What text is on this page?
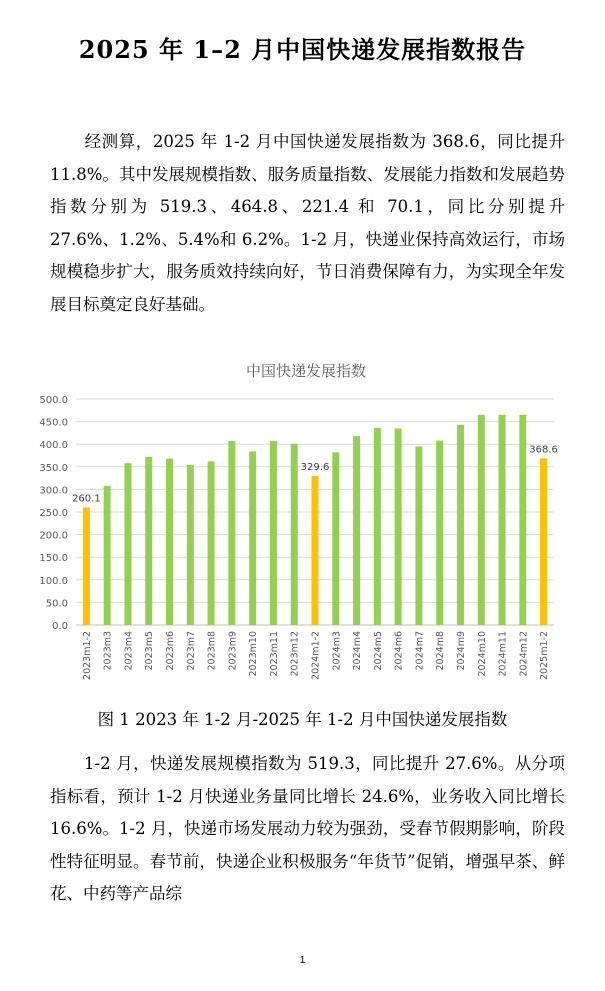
2025 年 1–2 月中国快递发展指数报告
经测算，2025 年 1-2 月中国快递发展指数为 368.6，同比提升 11.8%。其中发展规模指数、服务质量指数、发展能力指数和发展趋势指数分别为 519.3、464.8、221.4 和 70.1，同比分别提升 27.6%、1.2%、5.4%和 6.2%。1-2 月，快递业保持高效运行，市场规模稳步扩大，服务质效持续向好，节日消费保障有力，为实现全年发展目标奠定良好基础。
中国快递发展指数
0.0
50.0
100.0
150.0
200.0
250.0
300.0
350.0
400.0
450.0
500.0
260.1
329.6
368.6
2023m1-2 2023m3 2023m4 2023m5 2023m6 2023m7 2023m8 2023m9 2023m10 2023m11 2023m12 2024m1-2 2024m3 2024m4 2024m5 2024m6 2024m7 2024m8 2024m9 2024m10 2024m11 2024m12 2025m1-2
图 1 2023 年 1-2 月-2025 年 1-2 月中国快递发展指数
1-2 月，快递发展规模指数为 519.3，同比提升 27.6%。从分项指标看，预计 1-2 月快递业务量同比增长 24.6%，业务收入同比增长 16.6%。1-2 月，快递市场发展动力较为强劲，受春节假期影响，阶段性特征明显。春节前，快递企业积极服务“年货节”促销，增强早茶、鲜花、中药等产品综
1
